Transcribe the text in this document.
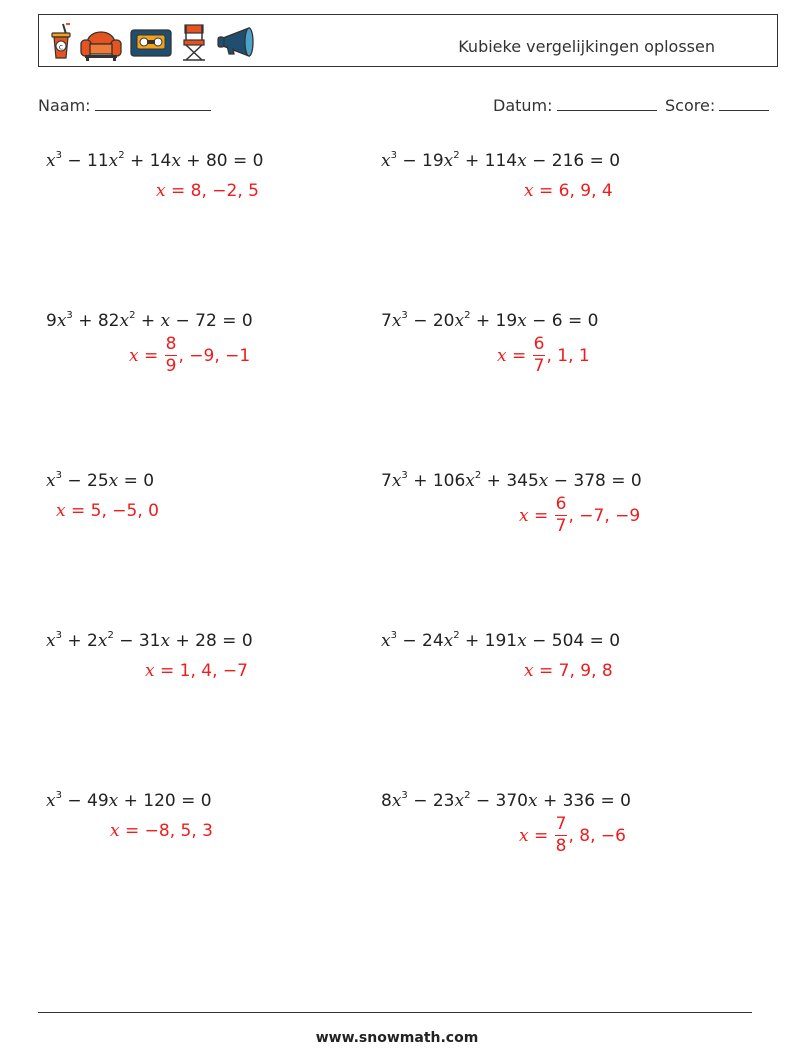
c	Kubieke vergelijkingen oplossen
Naam:	Datum:	Score:
$x^3 - 11x^2 + 14x + 80 = 0$
x = 8, −2, 5
$x^3 - 19x^2 + 114x - 216 = 0$
x = 6, 9, 4
$9x^3 + 82x^2 + x - 72 = 0$
$x = \frac{8}{9}$ , −9, −1
$7x^3 - 20x^2 + 19x - 6 = 0$
$x = \frac{6}{7}$ , 1, 1
$x^3 - 25x = 0$
x = 5, −5, 0
$7x^3 + 106x^2 + 345x - 378 = 0$
$x = \frac{6}{7}$ , −7, −9
$x^3 + 2x^2 - 31x + 28 = 0$
x = 1, 4, −7
$x^3 - 24x^2 + 191x - 504 = 0$
x = 7, 9, 8
$x^3 - 49x + 120 = 0$
x = −8, 5, 3
$8x^3 - 23x^2 - 370x + 336 = 0$
$x = \frac{7}{8}$ , 8, −6
www.snowmath.com
